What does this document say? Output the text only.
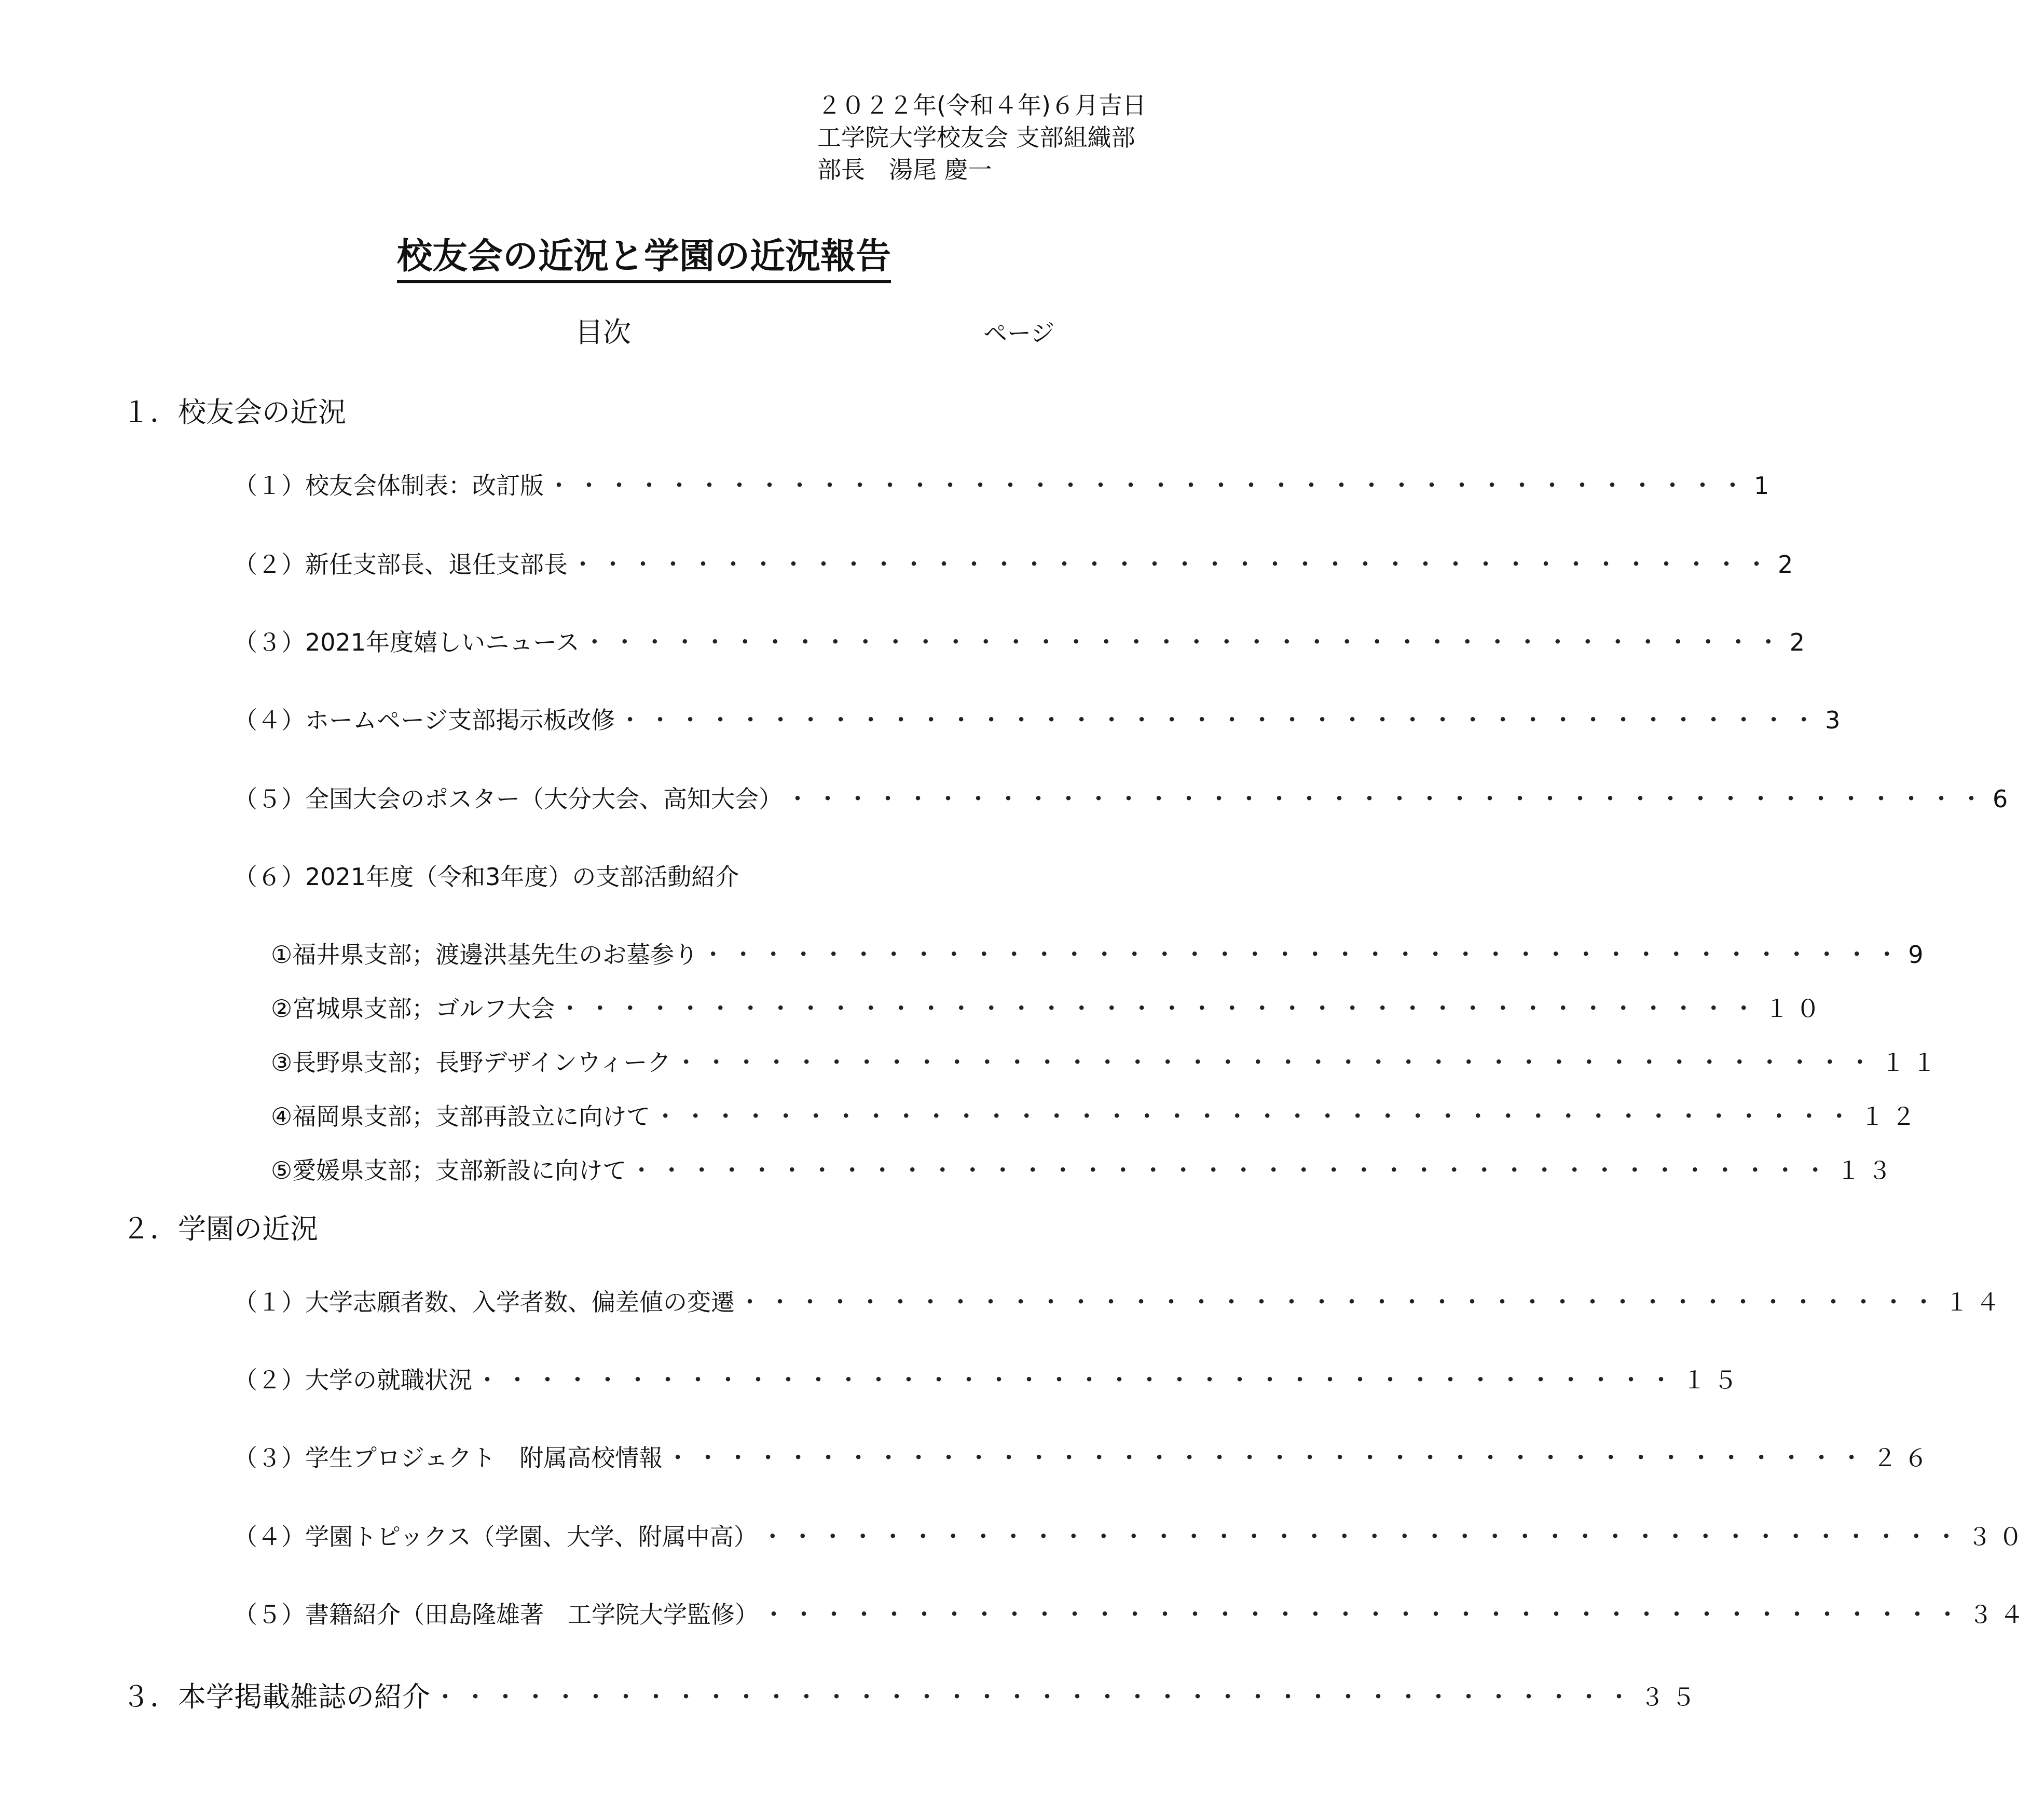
２０２２年(令和４年)６月吉日
工学院大学校友会 支部組織部
部長　湯尾 慶一
校友会の近況と学園の近況報告
目次	ページ
１．校友会の近況
（１）校友会体制表：改訂版 ・・・・・・・・・・・・・・・・・・・・・・・・・・・・・・・・・・・・・・・・ 1
（２）新任支部長、退任支部長 ・・・・・・・・・・・・・・・・・・・・・・・・・・・・・・・・・・・・・・・・ 2
（３）2021年度嬉しいニュース ・・・・・・・・・・・・・・・・・・・・・・・・・・・・・・・・・・・・・・・・ 2
（４）ホームページ支部掲示板改修 ・・・・・・・・・・・・・・・・・・・・・・・・・・・・・・・・・・・・・・・・ 3
（５）全国大会のポスター（大分大会、高知大会） ・・・・・・・・・・・・・・・・・・・・・・・・・・・・・・・・・・・・・・・・ 6
（６）2021年度（令和3年度）の支部活動紹介
①福井県支部；渡邊洪基先生のお墓参り ・・・・・・・・・・・・・・・・・・・・・・・・・・・・・・・・・・・・・・・・ 9
②宮城県支部；ゴルフ大会 ・・・・・・・・・・・・・・・・・・・・・・・・・・・・・・・・・・・・・・・・ １０
③長野県支部；長野デザインウィーク ・・・・・・・・・・・・・・・・・・・・・・・・・・・・・・・・・・・・・・・・ １１
④福岡県支部；支部再設立に向けて ・・・・・・・・・・・・・・・・・・・・・・・・・・・・・・・・・・・・・・・・ １２
⑤愛媛県支部；支部新設に向けて ・・・・・・・・・・・・・・・・・・・・・・・・・・・・・・・・・・・・・・・・ １３
２．学園の近況
（１）大学志願者数、入学者数、偏差値の変遷 ・・・・・・・・・・・・・・・・・・・・・・・・・・・・・・・・・・・・・・・・ １４
（２）大学の就職状況 ・・・・・・・・・・・・・・・・・・・・・・・・・・・・・・・・・・・・・・・・ １５
（３）学生プロジェクト　附属高校情報 ・・・・・・・・・・・・・・・・・・・・・・・・・・・・・・・・・・・・・・・・ ２６
（４）学園トピックス（学園、大学、附属中高） ・・・・・・・・・・・・・・・・・・・・・・・・・・・・・・・・・・・・・・・・ ３０
（５）書籍紹介（田島隆雄著　工学院大学監修） ・・・・・・・・・・・・・・・・・・・・・・・・・・・・・・・・・・・・・・・・ ３４
３．本学掲載雑誌の紹介 ・・・・・・・・・・・・・・・・・・・・・・・・・・・・・・・・・・・・・・・・ ３５
